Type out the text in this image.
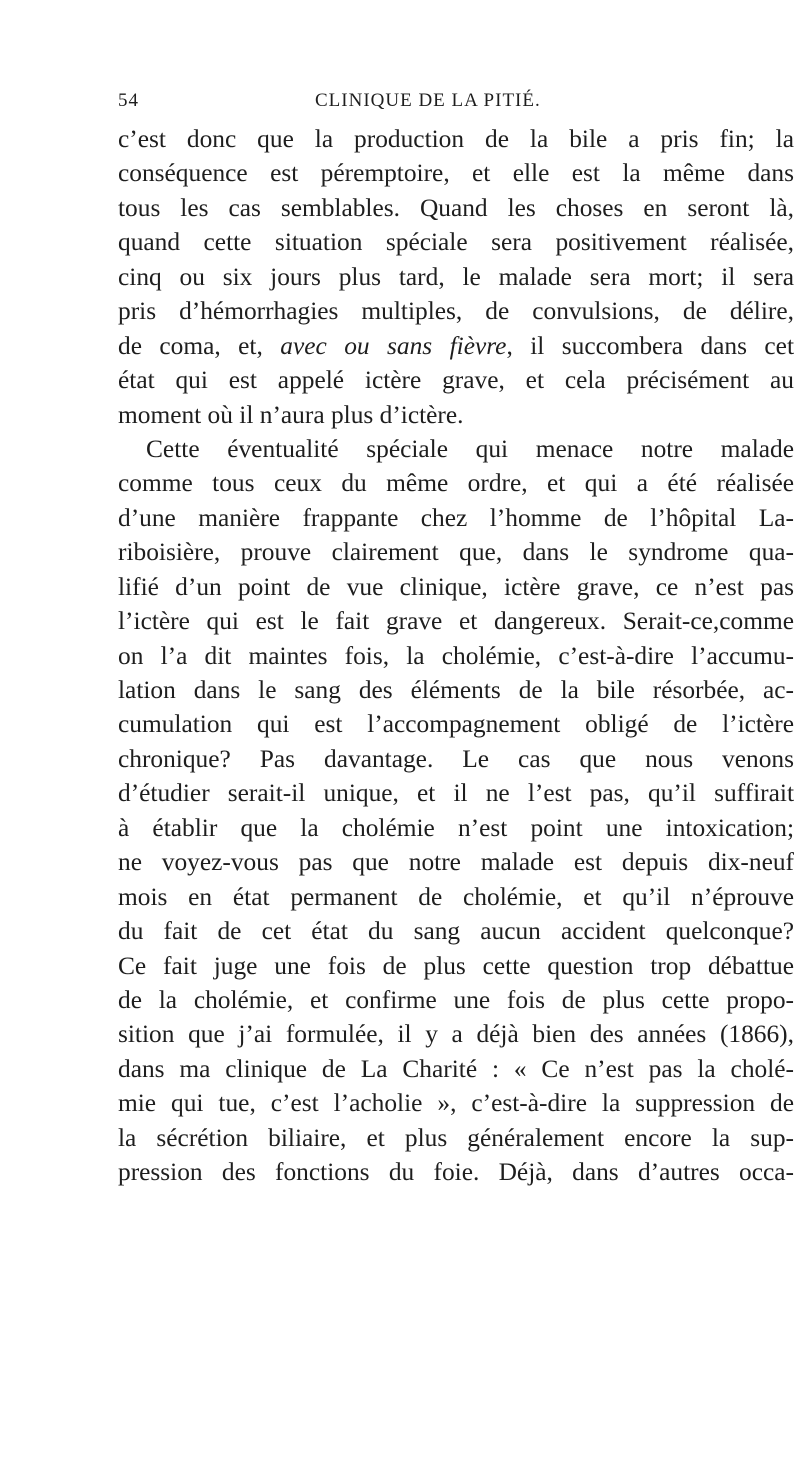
54	CLINIQUE DE LA PITIÉ.
c’est donc que la production de la bile a pris fin; la
conséquence est péremptoire, et elle est la même dans
tous les cas semblables. Quand les choses en seront là,
quand cette situation spéciale sera positivement réalisée,
cinq ou six jours plus tard, le malade sera mort; il sera
pris d’hémorrhagies multiples, de convulsions, de délire,
de coma, et, avec ou sans fièvre, il succombera dans cet
état qui est appelé ictère grave, et cela précisément au
moment où il n’aura plus d’ictère.
Cette éventualité spéciale qui menace notre malade
comme tous ceux du même ordre, et qui a été réalisée
d’une manière frappante chez l’homme de l’hôpital La-
riboisière, prouve clairement que, dans le syndrome qua-
lifié d’un point de vue clinique, ictère grave, ce n’est pas
l’ictère qui est le fait grave et dangereux. Serait-ce,comme
on l’a dit maintes fois, la cholémie, c’est-à-dire l’accumu-
lation dans le sang des éléments de la bile résorbée, ac-
cumulation qui est l’accompagnement obligé de l’ictère
chronique? Pas davantage. Le cas que nous venons
d’étudier serait-il unique, et il ne l’est pas, qu’il suffirait
à établir que la cholémie n’est point une intoxication;
ne voyez-vous pas que notre malade est depuis dix-neuf
mois en état permanent de cholémie, et qu’il n’éprouve
du fait de cet état du sang aucun accident quelconque?
Ce fait juge une fois de plus cette question trop débattue
de la cholémie, et confirme une fois de plus cette propo-
sition que j’ai formulée, il y a déjà bien des années (1866),
dans ma clinique de La Charité : « Ce n’est pas la cholé-
mie qui tue, c’est l’acholie », c’est-à-dire la suppression de
la sécrétion biliaire, et plus généralement encore la sup-
pression des fonctions du foie. Déjà, dans d’autres occa-
